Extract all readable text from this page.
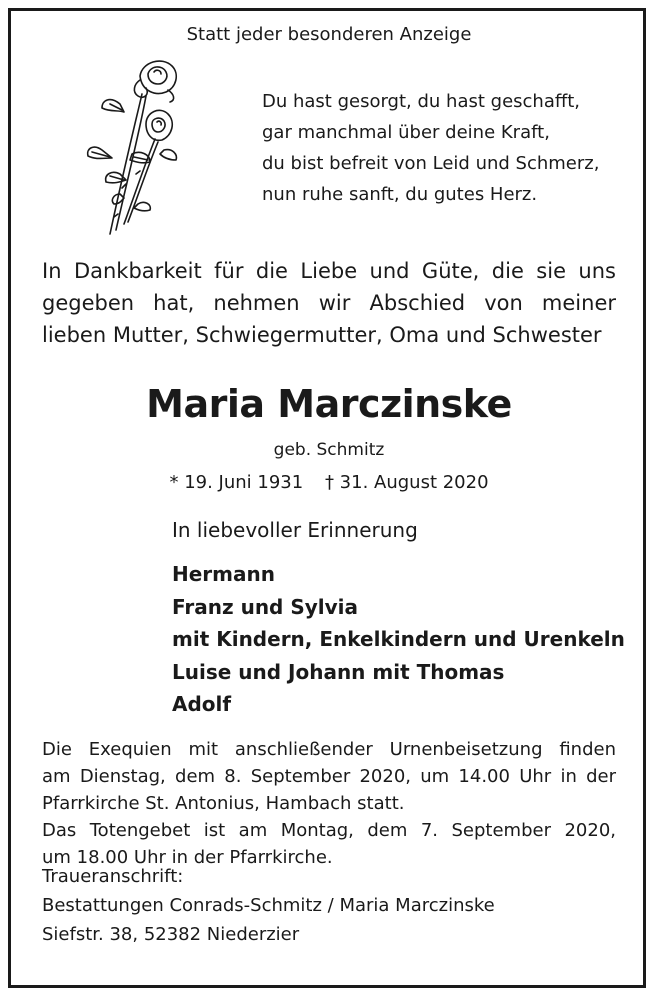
Statt jeder besonderen Anzeige
Du hast gesorgt, du hast geschafft,
gar manchmal über deine Kraft,
du bist befreit von Leid und Schmerz,
nun ruhe sanft, du gutes Herz.
In Dankbarkeit für die Liebe und Güte, die sie uns
gegeben hat, nehmen wir Abschied von meiner
lieben Mutter, Schwiegermutter, Oma und Schwester
Maria Marczinske
geb. Schmitz
* 19. Juni 1931 † 31. August 2020
In liebevoller Erinnerung
Hermann
Franz und Sylvia
mit Kindern, Enkelkindern und Urenkeln
Luise und Johann mit Thomas
Adolf
Die Exequien mit anschließender Urnenbeisetzung finden
am Dienstag, dem 8. September 2020, um 14.00 Uhr in der
Pfarrkirche St. Antonius, Hambach statt.
Das Totengebet ist am Montag, dem 7. September 2020,
um 18.00 Uhr in der Pfarrkirche.
Traueranschrift:
Bestattungen Conrads-Schmitz / Maria Marczinske
Siefstr. 38, 52382 Niederzier
